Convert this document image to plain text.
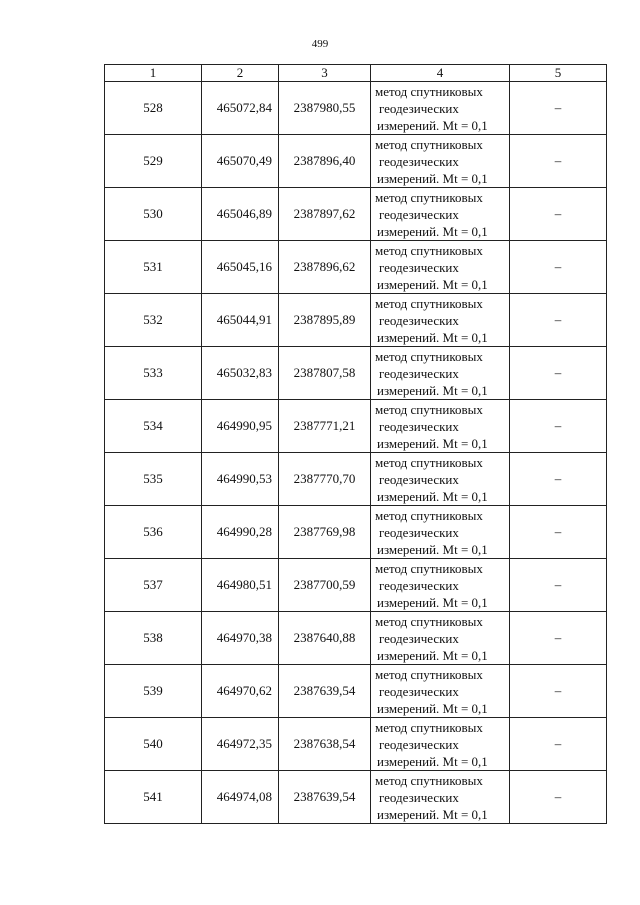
499
1	2	3	4	5
528	465072,84	2387980,55	метод спутниковых
геодезических
измерений. Mt = 0,1	–
529	465070,49	2387896,40	метод спутниковых
геодезических
измерений. Mt = 0,1	–
530	465046,89	2387897,62	метод спутниковых
геодезических
измерений. Mt = 0,1	–
531	465045,16	2387896,62	метод спутниковых
геодезических
измерений. Mt = 0,1	–
532	465044,91	2387895,89	метод спутниковых
геодезических
измерений. Mt = 0,1	–
533	465032,83	2387807,58	метод спутниковых
геодезических
измерений. Mt = 0,1	–
534	464990,95	2387771,21	метод спутниковых
геодезических
измерений. Mt = 0,1	–
535	464990,53	2387770,70	метод спутниковых
геодезических
измерений. Mt = 0,1	–
536	464990,28	2387769,98	метод спутниковых
геодезических
измерений. Mt = 0,1	–
537	464980,51	2387700,59	метод спутниковых
геодезических
измерений. Mt = 0,1	–
538	464970,38	2387640,88	метод спутниковых
геодезических
измерений. Mt = 0,1	–
539	464970,62	2387639,54	метод спутниковых
геодезических
измерений. Mt = 0,1	–
540	464972,35	2387638,54	метод спутниковых
геодезических
измерений. Mt = 0,1	–
541	464974,08	2387639,54	метод спутниковых
геодезических
измерений. Mt = 0,1	–
